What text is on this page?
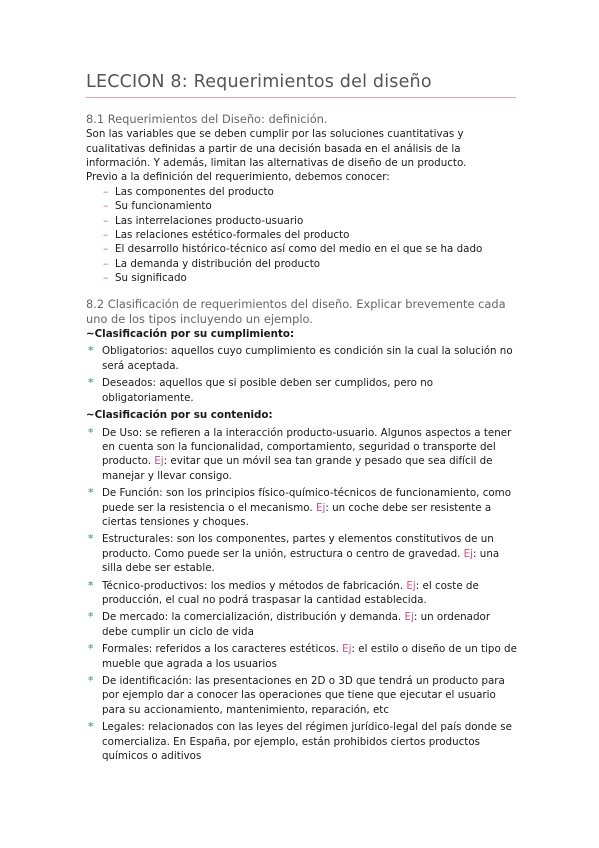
LECCION 8: Requerimientos del diseño

8.1 Requerimientos del Diseño: definición.

Son las variables que se deben cumplir por las soluciones cuantitativas y cualitativas definidas a partir de una decisión basada en el análisis de la información. Y además, limitan las alternativas de diseño de un producto.

Previo a la definición del requerimiento, debemos conocer:

– Las componentes del producto
– Su funcionamiento
– Las interrelaciones producto-usuario
– Las relaciones estético-formales del producto
– El desarrollo histórico-técnico así como del medio en el que se ha dado
– La demanda y distribución del producto
– Su significado

8.2 Clasificación de requerimientos del diseño. Explicar brevemente cada uno de los tipos incluyendo un ejemplo.

~Clasificación por su cumplimiento:

* Obligatorios: aquellos cuyo cumplimiento es condición sin la cual la solución no será aceptada.
* Deseados: aquellos que si posible deben ser cumplidos, pero no obligatoriamente.

~Clasificación por su contenido:

* De Uso: se refieren a la interacción producto-usuario. Algunos aspectos a tener en cuenta son la funcionalidad, comportamiento, seguridad o transporte del producto. Ej: evitar que un móvil sea tan grande y pesado que sea difícil de manejar y llevar consigo.
* De Función: son los principios físico-químico-técnicos de funcionamiento, como puede ser la resistencia o el mecanismo. Ej: un coche debe ser resistente a ciertas tensiones y choques.
* Estructurales: son los componentes, partes y elementos constitutivos de un producto. Como puede ser la unión, estructura o centro de gravedad. Ej: una silla debe ser estable.
* Técnico-productivos: los medios y métodos de fabricación. Ej: el coste de producción, el cual no podrá traspasar la cantidad establecida.
* De mercado: la comercialización, distribución y demanda. Ej: un ordenador debe cumplir un ciclo de vida
* Formales: referidos a los caracteres estéticos. Ej: el estilo o diseño de un tipo de mueble que agrada a los usuarios
* De identificación: las presentaciones en 2D o 3D que tendrá un producto para por ejemplo dar a conocer las operaciones que tiene que ejecutar el usuario para su accionamiento, mantenimiento, reparación, etc
* Legales: relacionados con las leyes del régimen jurídico-legal del país donde se comercializa. En España, por ejemplo, están prohibidos ciertos productos químicos o aditivos
